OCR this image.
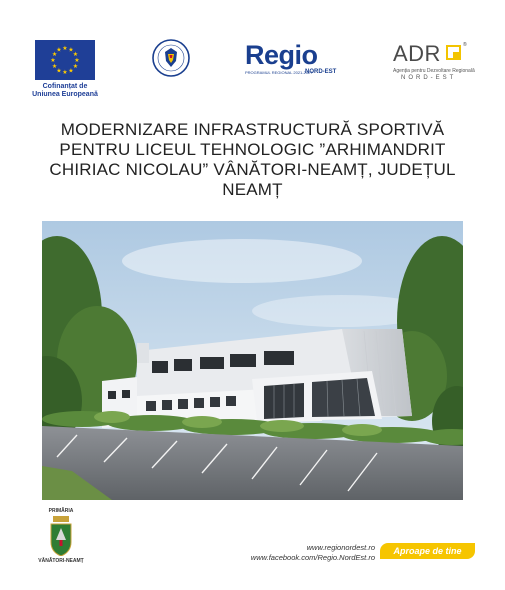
★ ★
★
★
★
★
★
★
★
★
★
★
Cofinanțat de
Uniunea Europeană
Regio
PROGRAMUL REGIONAL 2021-2027
NORD-EST
ADR	®
Agenția pentru Dezvoltare Regională
NORD-EST
MODERNIZARE INFRASTRUCTURĂ SPORTIVĂ
PENTRU LICEUL TEHNOLOGIC ”ARHIMANDRIT
CHIRIAC NICOLAU” VÂNĂTORI-NEAMȚ, JUDEȚUL
NEAMȚ
PRIMĂRIA
VÂNĂTORI-NEAMȚ
www.regionordest.ro
www.facebook.com/Regio.NordEst.ro
Aproape de tine
